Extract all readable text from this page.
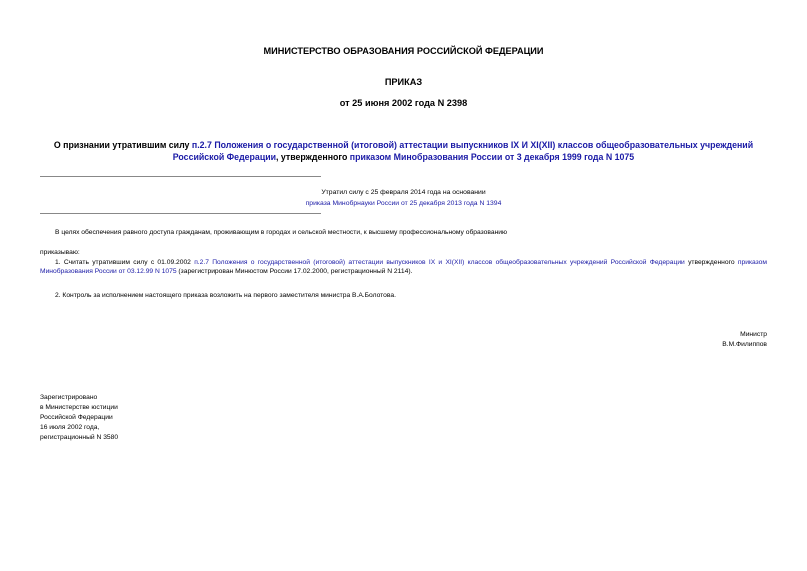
МИНИСТЕРСТВО ОБРАЗОВАНИЯ РОССИЙСКОЙ ФЕДЕРАЦИИ
ПРИКАЗ
от 25 июня 2002 года N 2398
О признании утратившим силу п.2.7 Положения о государственной (итоговой) аттестации выпускников IX И XI(XII) классов общеобразовательных учреждений Российской Федерации, утвержденного приказом Минобразования России от 3 декабря 1999 года N 1075
Утратил силу с 25 февраля 2014 года на основании
приказа Минобрнауки России от 25 декабря 2013 года N 1394
В целях обеспечения равного доступа гражданам, проживающим в городах и сельской местности, к высшему профессиональному образованию
приказываю:
1. Считать утратившим силу с 01.09.2002 п.2.7 Положения о государственной (итоговой) аттестации выпускников IX и XI(XII) классов общеобразовательных учреждений Российской Федерации утвержденного приказом Минобразования России от 03.12.99 N 1075 (зарегистрирован Минюстом России 17.02.2000, регистрационный N 2114).
2. Контроль за исполнением настоящего приказа возложить на первого заместителя министра В.А.Болотова.
Министр
В.М.Филиппов
Зарегистрировано
в Министерстве юстиции
Российской Федерации
16 июля 2002 года,
регистрационный N 3580
